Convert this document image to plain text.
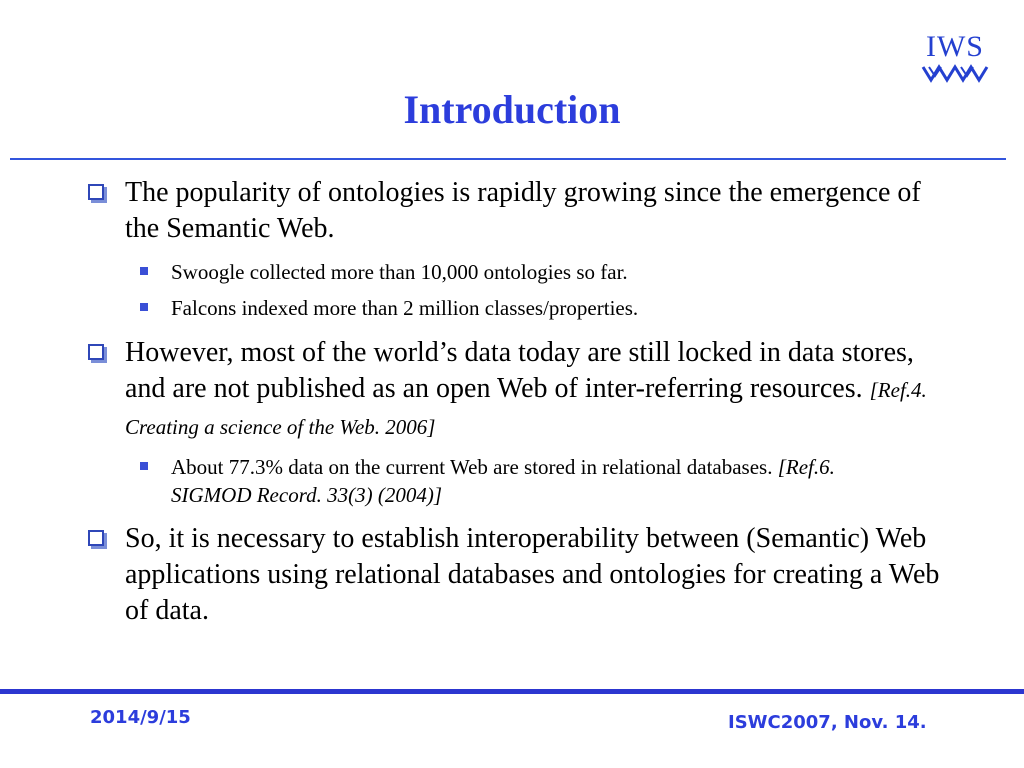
IWS
Introduction
The popularity of ontologies is rapidly growing since the emergence of the Semantic Web.
Swoogle collected more than 10,000 ontologies so far.
Falcons indexed more than 2 million classes/properties.
However, most of the world’s data today are still locked in data stores, and are not published as an open Web of inter-referring resources. [Ref.4. Creating a science of the Web. 2006]
About 77.3% data on the current Web are stored in relational databases. [Ref.6. SIGMOD Record. 33(3) (2004)]
So, it is necessary to establish interoperability between (Semantic) Web applications using relational databases and ontologies for creating a Web of data.
2014/9/15	ISWC2007, Nov. 14.
